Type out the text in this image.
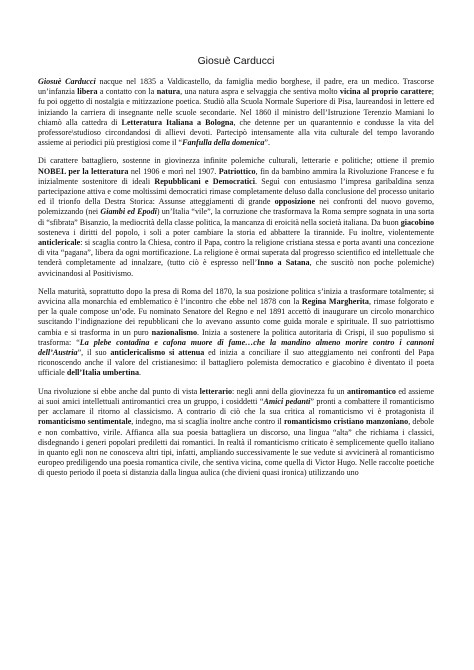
Giosuè Carducci

Giosuè Carducci nacque nel 1835 a Valdicastello, da famiglia medio borghese, il padre, era un medico. Trascorse un’infanzia libera a contatto con la natura, una natura aspra e selvaggia che sentiva molto vicina al proprio carattere; fu poi oggetto di nostalgia e mitizzazione poetica. Studiò alla Scuola Normale Superiore di Pisa, laureandosi in lettere ed iniziando la carriera di insegnante nelle scuole secondarie. Nel 1860 il ministro dell’Istruzione Terenzio Mamiani lo chiamò alla cattedra di Letteratura Italiana a Bologna, che detenne per un quarantennio e condusse la vita del professore\studioso circondandosi di allievi devoti. Partecipò intensamente alla vita culturale del tempo lavorando assieme ai periodici più prestigiosi come il “Fanfulla della domenica”.

Di carattere battagliero, sostenne in giovinezza infinite polemiche culturali, letterarie e politiche; ottiene il premio NOBEL per la letteratura nel 1906 e morì nel 1907. Patriottico, fin da bambino ammira la Rivoluzione Francese e fu inizialmente sostenitore di ideali Repubblicani e Democratici. Seguì con entusiasmo l’impresa garibaldina senza partecipazione attiva e come moltissimi democratici rimase completamente deluso dalla conclusione del processo unitario ed il trionfo della Destra Storica: Assunse atteggiamenti di grande opposizione nei confronti del nuovo governo, polemizzando (nei Giambi ed Epodi) un’Italia “vile”, la corruzione che trasformava la Roma sempre sognata in una sorta di “sfibrata” Bisanzio, la mediocrità della classe politica, la mancanza di eroicità nella società italiana. Da buon giacobino sosteneva i diritti del popolo, i soli a poter cambiare la storia ed abbattere la tirannide. Fu inoltre, violentemente anticlericale: si scaglia contro la Chiesa, contro il Papa, contro la religione cristiana stessa e porta avanti una concezione di vita “pagana”, libera da ogni mortificazione. La religione è ormai superata dal progresso scientifico ed intellettuale che tenderà completamente ad innalzare, (tutto ciò è espresso nell’Inno a Satana, che suscitò non poche polemiche) avvicinandosi al Positivismo.

Nella maturità, soprattutto dopo la presa di Roma del 1870, la sua posizione politica s’inizia a trasformare totalmente; si avvicina alla monarchia ed emblematico è l’incontro che ebbe nel 1878 con la Regina Margherita, rimase folgorato e per la quale compose un’ode. Fu nominato Senatore del Regno e nel 1891 accettò di inaugurare un circolo monarchico suscitando l’indignazione dei repubblicani che lo avevano assunto come guida morale e spirituale. Il suo patriottismo cambia e si trasforma in un puro nazionalismo. Inizia a sostenere la politica autoritaria di Crispi, il suo populismo si trasforma: “La plebe contadina e cafona muore di fame…che la mandino almeno morire contro i cannoni dell’Austria”, il suo anticlericalismo si attenua ed inizia a conciliare il suo atteggiamento nei confronti del Papa riconoscendo anche il valore del cristianesimo: il battagliero polemista democratico e giacobino è diventato il poeta ufficiale dell’Italia umbertina.

Una rivoluzione si ebbe anche dal punto di vista letterario: negli anni della giovinezza fu un antiromantico ed assieme ai suoi amici intellettuali antiromantici crea un gruppo, i cosiddetti “Amici pedanti” pronti a combattere il romanticismo per acclamare il ritorno al classicismo. A contrario di ciò che la sua critica al romanticismo vi è protagonista il romanticismo sentimentale, indegno, ma si scaglia inoltre anche contro il romanticismo cristiano manzoniano, debole e non combattivo, virile. Affianca alla sua poesia battagliera un discorso, una lingua “alta” che richiama i classici, disdegnando i generi popolari prediletti dai romantici. In realtà il romanticismo criticato è semplicemente quello italiano in quanto egli non ne conosceva altri tipi, infatti, ampliando successivamente le sue vedute si avvicinerà al romanticismo europeo prediligendo una poesia romantica civile, che sentiva vicina, come quella di Victor Hugo. Nelle raccolte poetiche di questo periodo il poeta si distanzia dalla lingua aulica (che divieni quasi ironica) utilizzando uno
